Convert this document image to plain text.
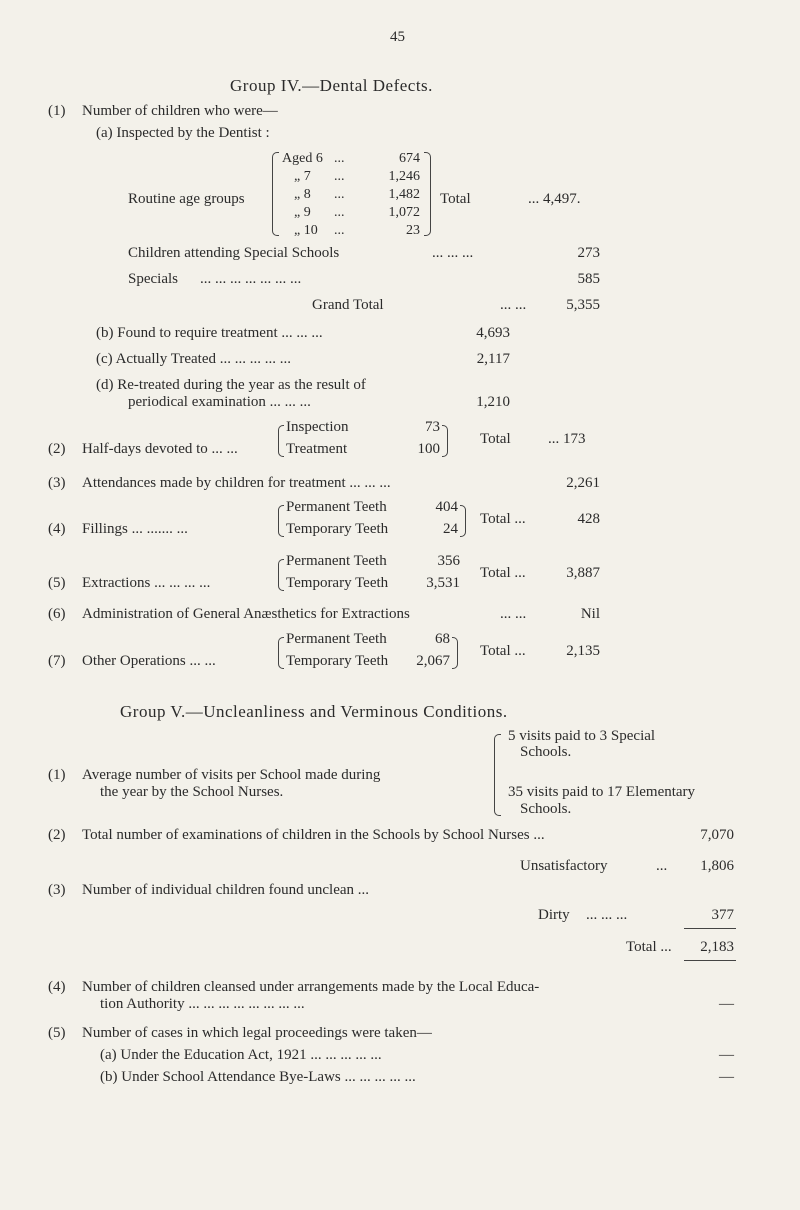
45
Group IV.—Dental Defects.
(1) Number of children who were—
(a) Inspected by the Dentist :
Routine age groups
Aged 6 ...	674
„ 7 ...	1,246
„ 8 ...	1,482
„ 9 ...	1,072
„ 10 ...	23
Total	... 4,497.
Children attending Special Schools	... ... ...	273
Specials ... ... ... ... ... ... ...	585
Grand Total	... ...	5,355
(b) Found to require treatment ... ... ...	4,693
(c) Actually Treated ... ... ... ... ...	2,117
(d) Re-treated during the year as the result of
periodical examination ... ... ...	1,210
(2) Half-days devoted to ... ...
Inspection	73
Treatment	100
Total ... 173
(3) Attendances made by children for treatment ... ... ...	2,261
(4) Fillings ... ....... ...
Permanent Teeth	404
Temporary Teeth	24
Total ...	428
(5) Extractions ... ... ... ...
Permanent Teeth	356
Temporary Teeth	3,531
Total ...	3,887
(6) Administration of General Anæsthetics for Extractions	... ...	Nil
(7) Other Operations ... ...
Permanent Teeth	68
Temporary Teeth	2,067
Total ...	2,135
Group V.—Uncleanliness and Verminous Conditions.
5 visits paid to 3 Special
Schools.
(1) Average number of visits per School made during
the year by the School Nurses.	35 visits paid to 17 Elementary
Schools.
(2) Total number of examinations of children in the Schools by School Nurses ...	7,070
Unsatisfactory	...	1,806
(3) Number of individual children found unclean ...
Dirty ... ... ...	377
Total ...	2,183
(4) Number of children cleansed under arrangements made by the Local Educa-
tion Authority ... ... ... ... ... ... ... ...	—
(5) Number of cases in which legal proceedings were taken—
(a) Under the Education Act, 1921 ... ... ... ... ...	—
(b) Under School Attendance Bye-Laws ... ... ... ... ...	—
